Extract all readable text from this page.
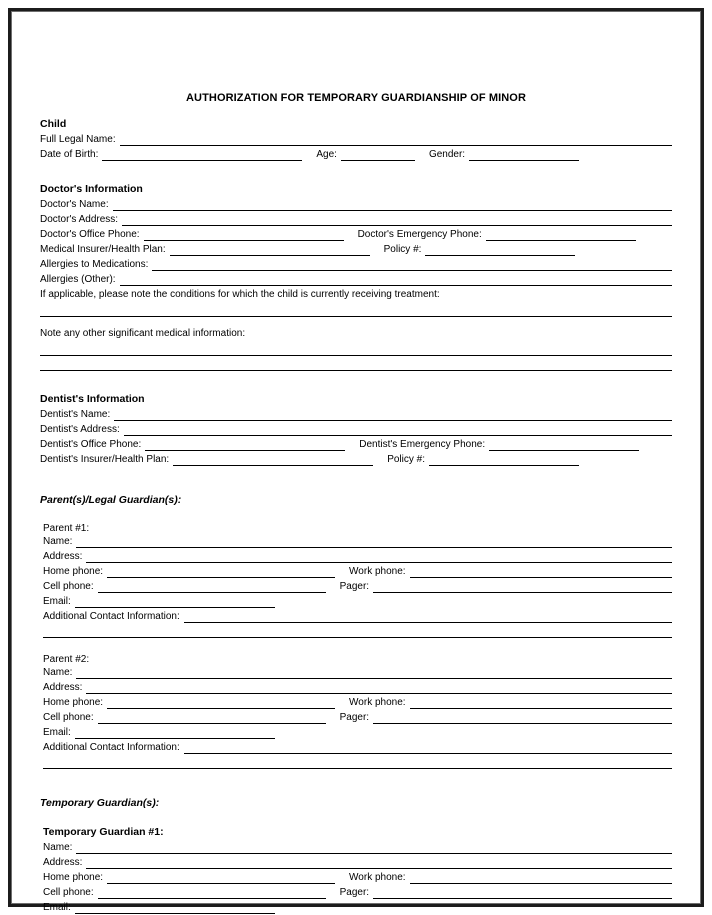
AUTHORIZATION FOR TEMPORARY GUARDIANSHIP OF MINOR
Child
Full Legal Name:
Date of Birth:	Age:	Gender:
Doctor's Information
Doctor's Name:
Doctor's Address:
Doctor's Office Phone:	Doctor's Emergency Phone:
Medical Insurer/Health Plan:	Policy #:
Allergies to Medications:
Allergies (Other):
If applicable, please note the conditions for which the child is currently receiving treatment:
Note any other significant medical information:
Dentist's Information
Dentist's Name:
Dentist's Address:
Dentist's Office Phone:	Dentist's Emergency Phone:
Dentist's Insurer/Health Plan:	Policy #:
Parent(s)/Legal Guardian(s):
Parent #1:
Name:
Address:
Home phone:	Work phone:
Cell phone:	Pager:
Email:
Additional Contact Information:
Parent #2:
Name:
Address:
Home phone:	Work phone:
Cell phone:	Pager:
Email:
Additional Contact Information:
Temporary Guardian(s):
Temporary Guardian #1:
Name:
Address:
Home phone:	Work phone:
Cell phone:	Pager:
Email:
